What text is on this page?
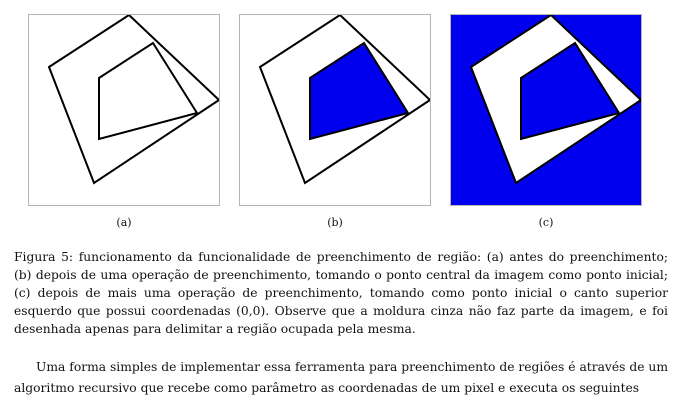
(a)	(b)	(c)

Figura 5: funcionamento da funcionalidade de preenchimento de região: (a) antes do preenchimento; (b) depois de uma operação de preenchimento, tomando o ponto central da imagem como ponto inicial; (c) depois de mais uma operação de preenchimento, tomando como ponto inicial o canto superior esquerdo que possui coordenadas (0,0). Observe que a moldura cinza não faz parte da imagem, e foi desenhada apenas para delimitar a região ocupada pela mesma.

Uma forma simples de implementar essa ferramenta para preenchimento de regiões é através de um algoritmo recursivo que recebe como parâmetro as coordenadas de um pixel e executa os seguintes
